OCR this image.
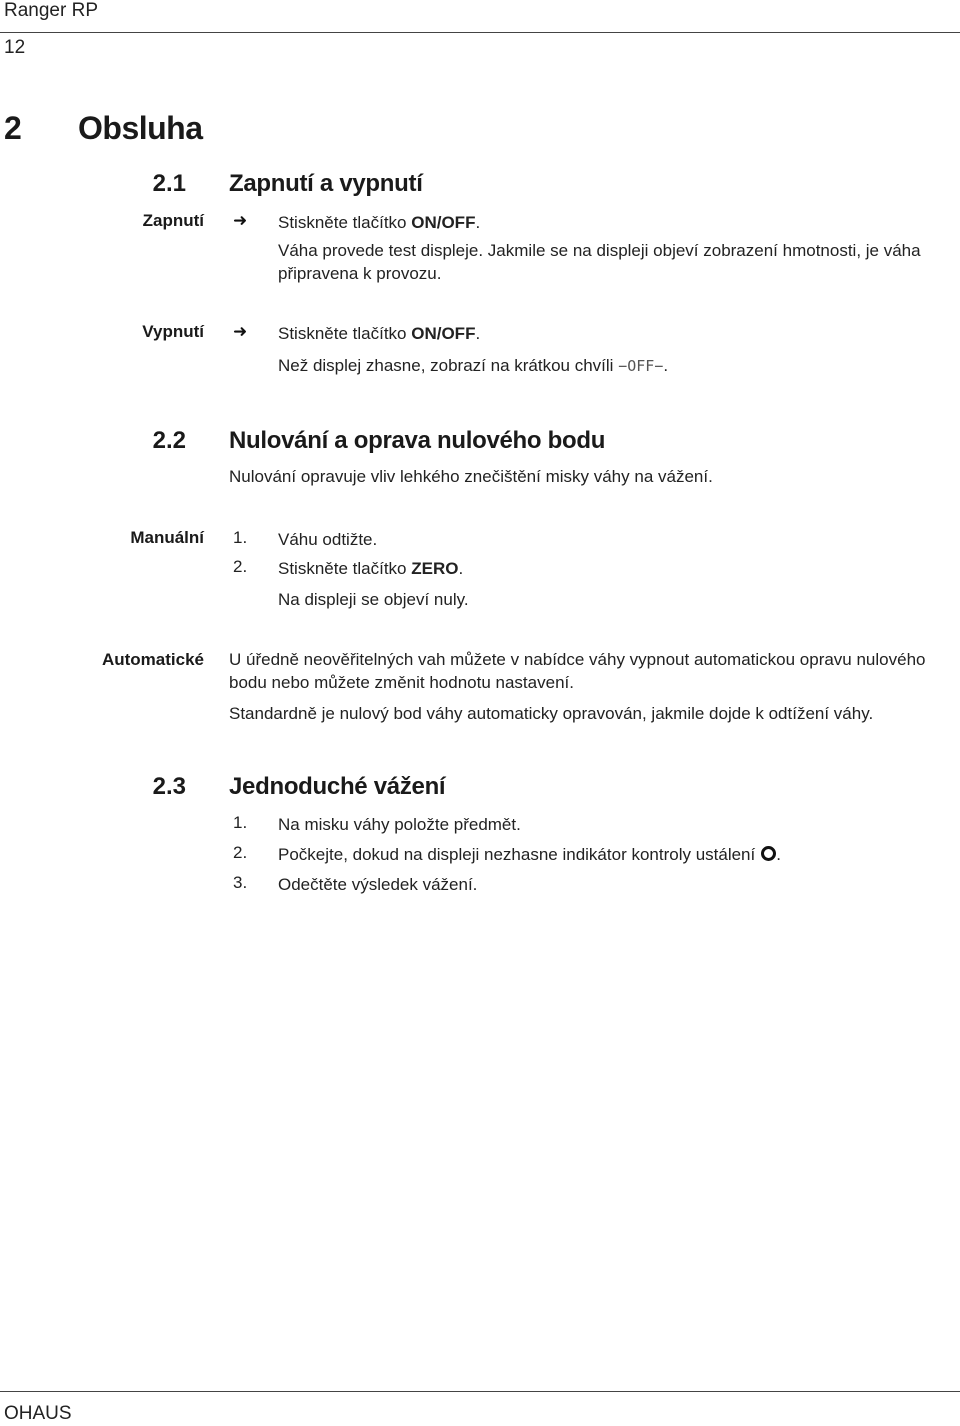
Ranger RP
12
2 Obsluha
2.1 Zapnutí a vypnutí
Zapnutí ➜ Stiskněte tlačítko ON/OFF.
Váha provede test displeje. Jakmile se na displeji objeví zobrazení hmotnosti, je váha
připravena k provozu.
Vypnutí ➜ Stiskněte tlačítko ON/OFF.
Než displej zhasne, zobrazí na krátkou chvíli −OFF−.
2.2 Nulování a oprava nulového bodu
Nulování opravuje vliv lehkého znečištění misky váhy na vážení.
Manuální 1. Váhu odtižte.
2. Stiskněte tlačítko ZERO.
Na displeji se objeví nuly.
Automatické U úředně neověřitelných vah můžete v nabídce váhy vypnout automatickou opravu nulového
bodu nebo můžete změnit hodnotu nastavení.
Standardně je nulový bod váhy automaticky opravován, jakmile dojde k odtížení váhy.
2.3 Jednoduché vážení
1. Na misku váhy položte předmět.
2. Počkejte, dokud na displeji nezhasne indikátor kontroly ustálení .
3. Odečtěte výsledek vážení.
OHAUS
